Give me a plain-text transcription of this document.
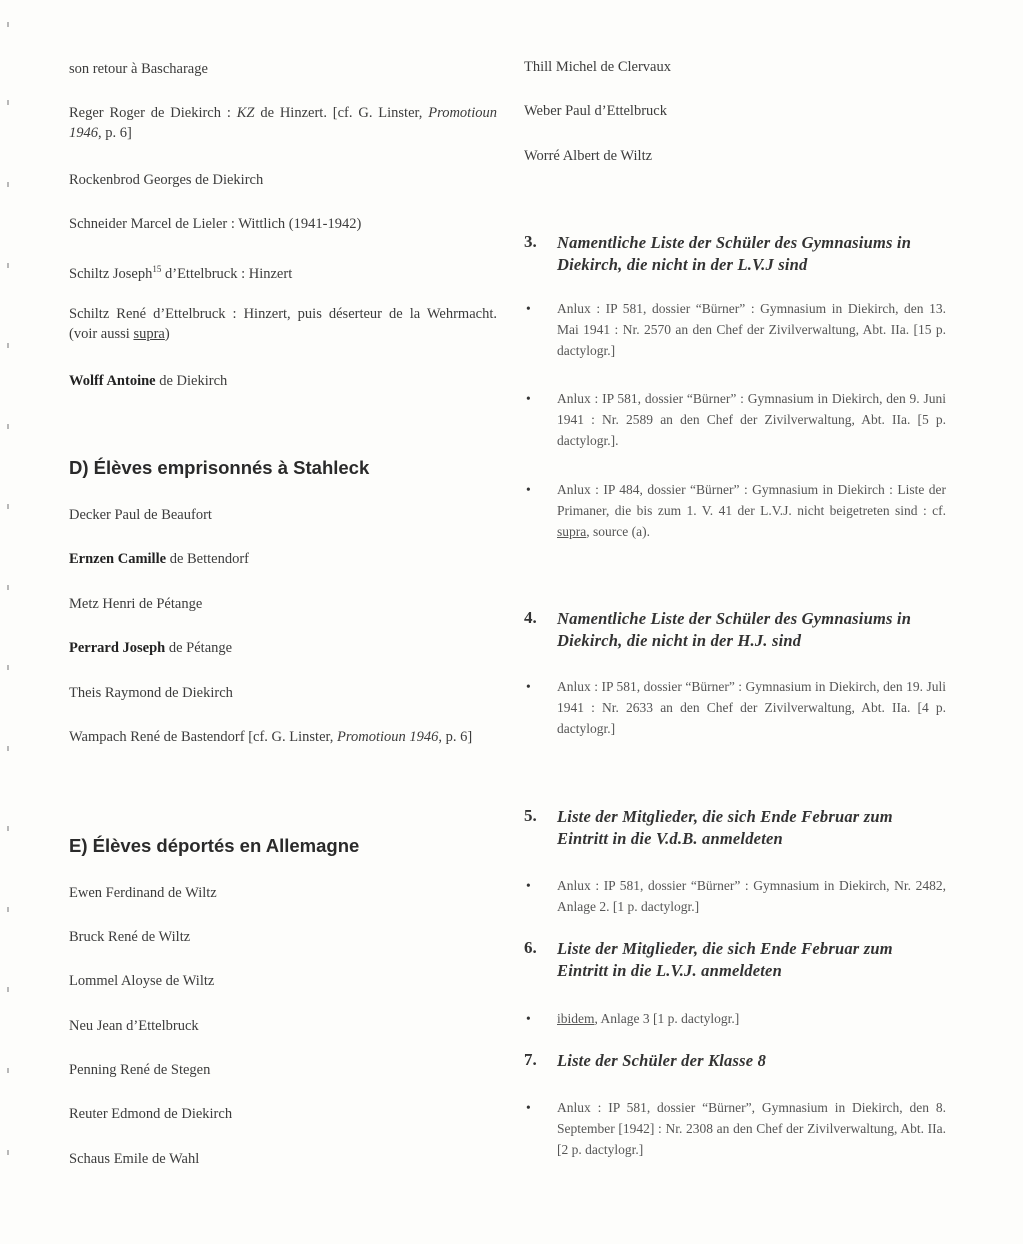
son retour à Bascharage
Reger Roger de Diekirch : KZ de Hinzert. [cf. G. Linster, Promotioun 1946, p. 6]
Rockenbrod Georges de Diekirch
Schneider Marcel de Lieler : Wittlich (1941-1942)
Schiltz Joseph$^{15}$ d’Ettelbruck : Hinzert
Schiltz René d’Ettelbruck : Hinzert, puis déserteur de la Wehrmacht. (voir aussi supra)
Wolff Antoine de Diekirch
D) Élèves emprisonnés à Stahleck
Decker Paul de Beaufort
Ernzen Camille de Bettendorf
Metz Henri de Pétange
Perrard Joseph de Pétange
Theis Raymond de Diekirch
Wampach René de Bastendorf [cf. G. Linster, Promotioun 1946, p. 6]
E) Élèves déportés en Allemagne
Ewen Ferdinand de Wiltz
Bruck René de Wiltz
Lommel Aloyse de Wiltz
Neu Jean d’Ettelbruck
Penning René de Stegen
Reuter Edmond de Diekirch
Schaus Emile de Wahl
Thill Michel de Clervaux
Weber Paul d’Ettelbruck
Worré Albert de Wiltz
3. Namentliche Liste der Schüler des Gymnasiums in Diekirch, die nicht in der L.V.J sind
• Anlux : IP 581, dossier “Bürner” : Gymnasium in Diekirch, den 13. Mai 1941 : Nr. 2570 an den Chef der Zivilverwaltung, Abt. IIa. [15 p. dactylogr.]
• Anlux : IP 581, dossier “Bürner” : Gymnasium in Diekirch, den 9. Juni 1941 : Nr. 2589 an den Chef der Zivilverwaltung, Abt. IIa. [5 p. dactylogr.].
• Anlux : IP 484, dossier “Bürner” : Gymnasium in Diekirch : Liste der Primaner, die bis zum 1. V. 41 der L.V.J. nicht beigetreten sind : cf. supra, source (a).
4. Namentliche Liste der Schüler des Gymnasiums in Diekirch, die nicht in der H.J. sind
• Anlux : IP 581, dossier “Bürner” : Gymnasium in Diekirch, den 19. Juli 1941 : Nr. 2633 an den Chef der Zivilverwaltung, Abt. IIa. [4 p. dactylogr.]
5. Liste der Mitglieder, die sich Ende Februar zum Eintritt in die V.d.B. anmeldeten
• Anlux : IP 581, dossier “Bürner” : Gymnasium in Diekirch, Nr. 2482, Anlage 2. [1 p. dactylogr.]
6. Liste der Mitglieder, die sich Ende Februar zum Eintritt in die L.V.J. anmeldeten
• ibidem, Anlage 3 [1 p. dactylogr.]
7. Liste der Schüler der Klasse 8
• Anlux : IP 581, dossier “Bürner”, Gymnasium in Diekirch, den 8. September [1942] : Nr. 2308 an den Chef der Zivilverwaltung, Abt. IIa. [2 p. dactylogr.]
